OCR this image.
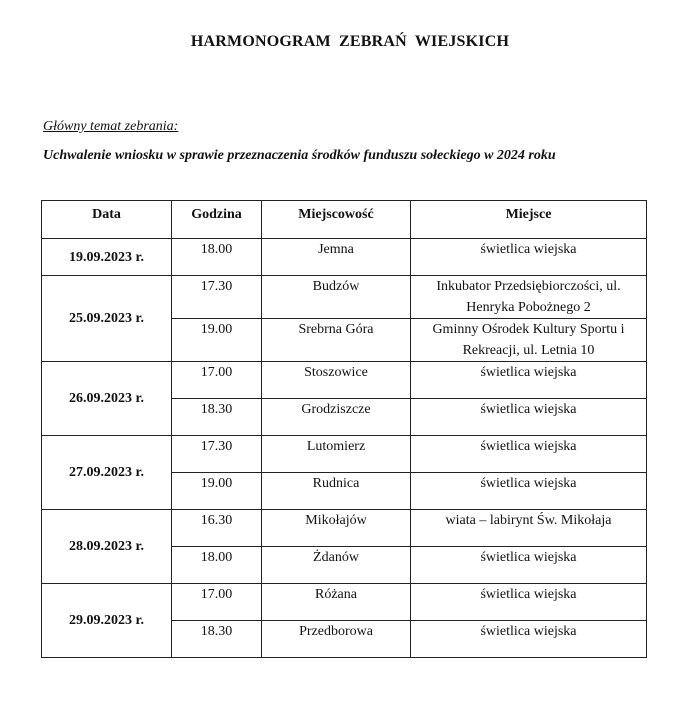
HARMONOGRAM ZEBRAŃ WIEJSKICH
Główny temat zebrania:
Uchwalenie wniosku w sprawie przeznaczenia środków funduszu sołeckiego w 2024 roku
Data	Godzina	Miejscowość	Miejsce
19.09.2023 r.	18.00	Jemna	świetlica wiejska
25.09.2023 r.	17.30	Budzów	Inkubator Przedsiębiorczości, ul. Henryka Pobożnego 2
	19.00	Srebrna Góra	Gminny Ośrodek Kultury Sportu i Rekreacji, ul. Letnia 10
26.09.2023 r.	17.00	Stoszowice	świetlica wiejska
	18.30	Grodziszcze	świetlica wiejska
27.09.2023 r.	17.30	Lutomierz	świetlica wiejska
	19.00	Rudnica	świetlica wiejska
28.09.2023 r.	16.30	Mikołajów	wiata – labirynt Św. Mikołaja
	18.00	Żdanów	świetlica wiejska
29.09.2023 r.	17.00	Różana	świetlica wiejska
	18.30	Przedborowa	świetlica wiejska
